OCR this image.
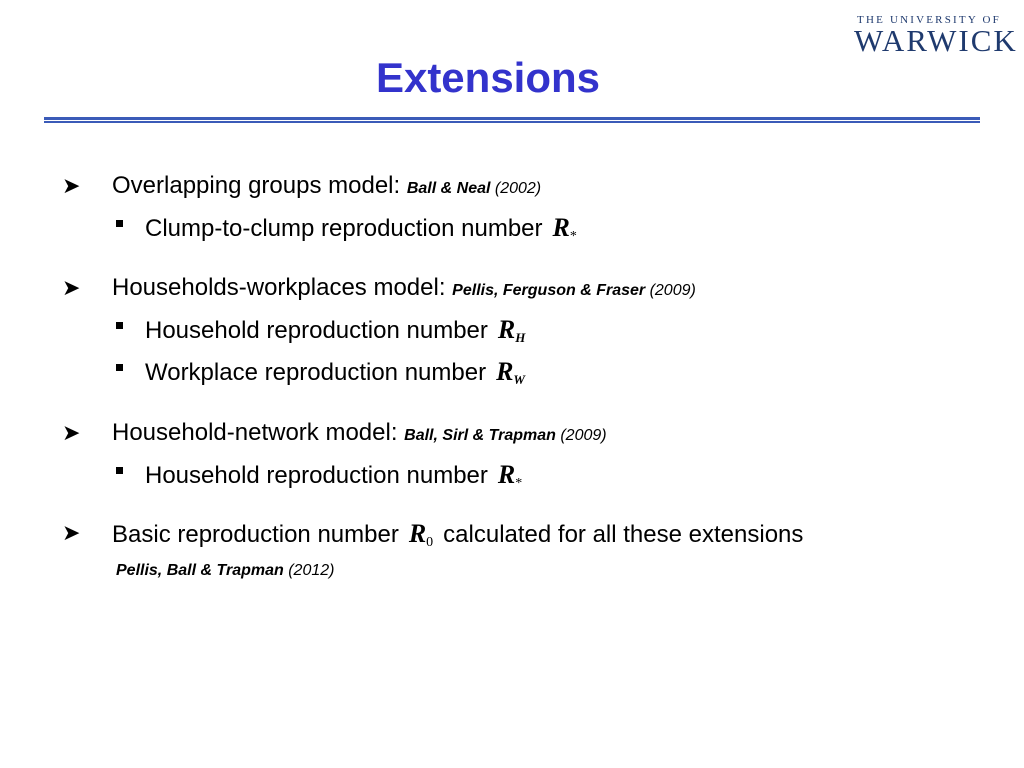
THE UNIVERSITY OF
WARWICK
Extensions
➤ Overlapping groups model: Ball & Neal (2002)
Clump-to-clump reproduction number $R_*$
➤ Households-workplaces model: Pellis, Ferguson & Fraser (2009)
Household reproduction number $R_H$
Workplace reproduction number $R_W$
➤ Household-network model: Ball, Sirl & Trapman (2009)
Household reproduction number $R_*$
➤ Basic reproduction number $R_0$ calculated for all these extensions
Pellis, Ball & Trapman (2012)
